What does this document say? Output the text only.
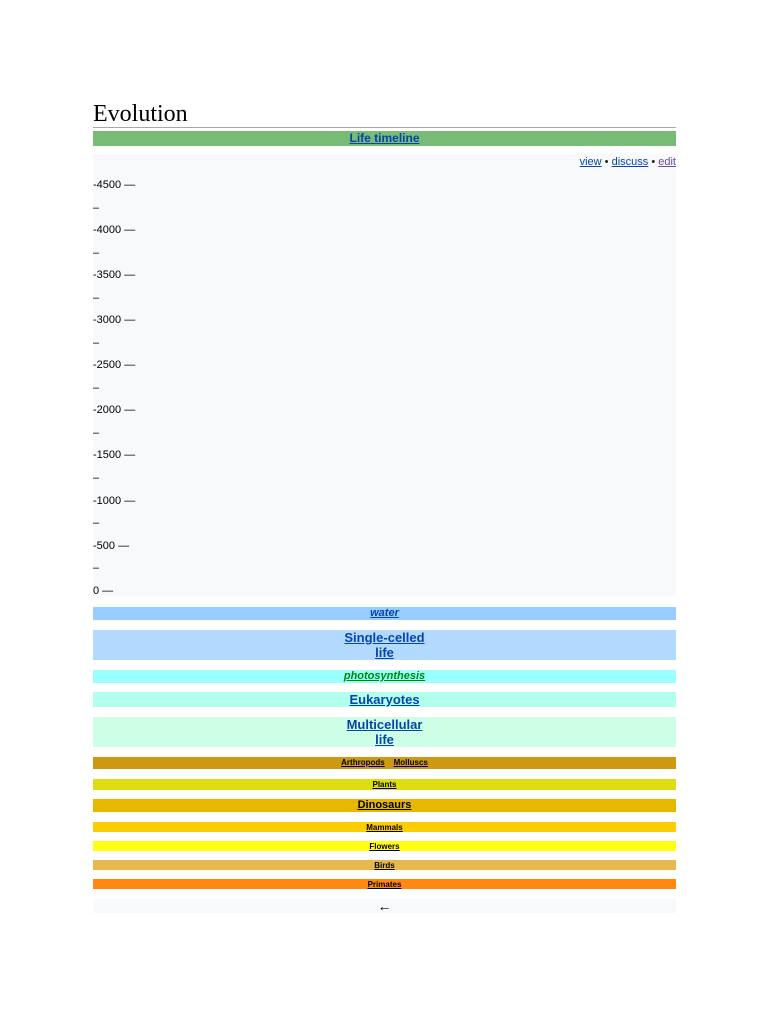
Evolution
Life timeline
view • discuss • edit
-4500 —
–
-4000 —
–
-3500 —
–
-3000 —
–
-2500 —
–
-2000 —
–
-1500 —
–
-1000 —
–
-500 —
–
0 —
water
Single-celled
life
photosynthesis
Eukaryotes
Multicellular
life
Arthropods Molluscs
Plants
Dinosaurs
Mammals
Flowers
Birds
Primates
←
